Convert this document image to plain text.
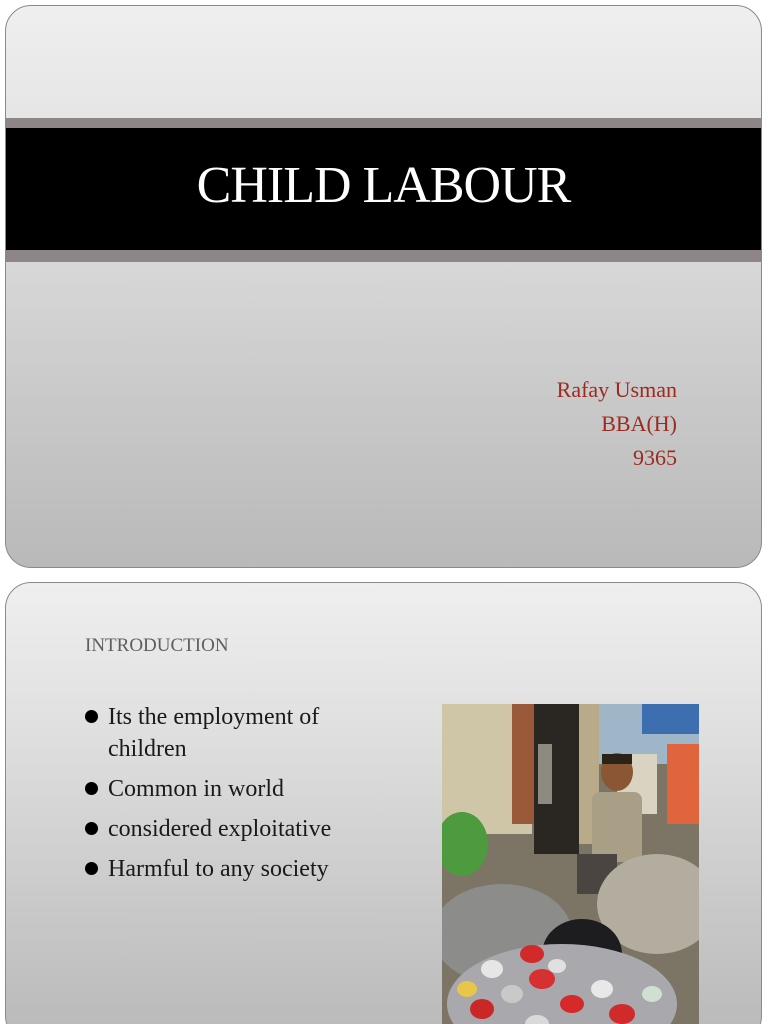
CHILD LABOUR
Rafay Usman
BBA(H)
9365
INTRODUCTION
Its the employment of children
Common in world
considered exploitative
Harmful to any society
